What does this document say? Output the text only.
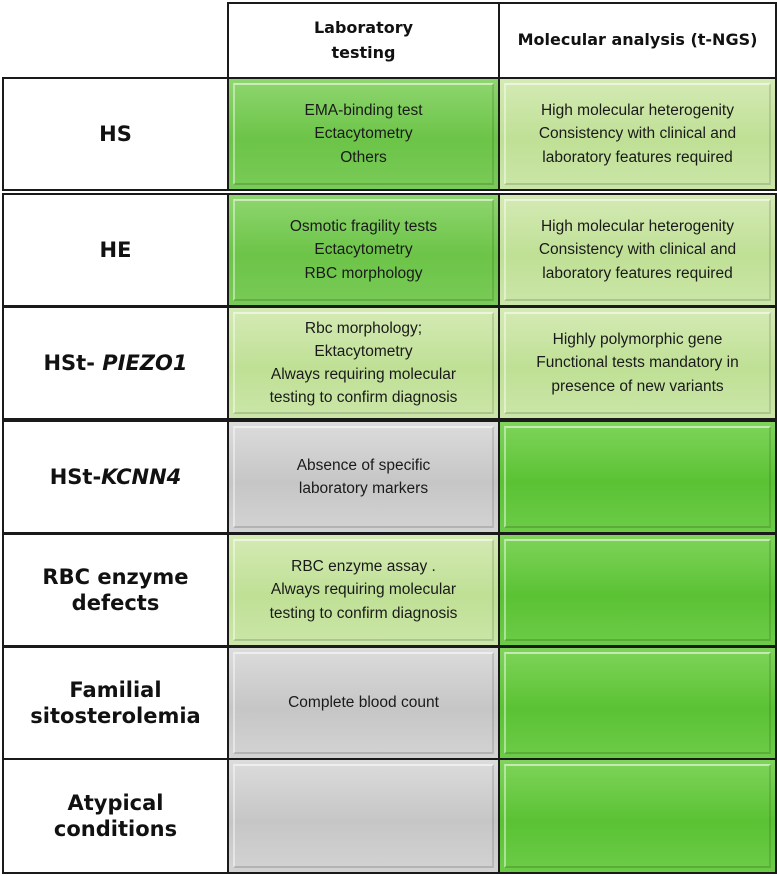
Laboratory
testing
Molecular analysis (t-NGS)
HS
EMA-binding test
Ectacytometry
Others
High molecular heterogenity
Consistency with clinical and
laboratory features required
HE
Osmotic fragility tests
Ectacytometry
RBC morphology
High molecular heterogenity
Consistency with clinical and
laboratory features required
HSt- PIEZO1
Rbc morphology;
Ektacytometry
Always requiring molecular
testing to confirm diagnosis
Highly polymorphic gene
Functional tests mandatory in
presence of new variants
HSt-KCNN4	Absence of specific
laboratory markers
RBC enzyme
defects
RBC enzyme assay .
Always requiring molecular
testing to confirm diagnosis
Familial
sitosterolemia
Complete blood count
Atypical
conditions
